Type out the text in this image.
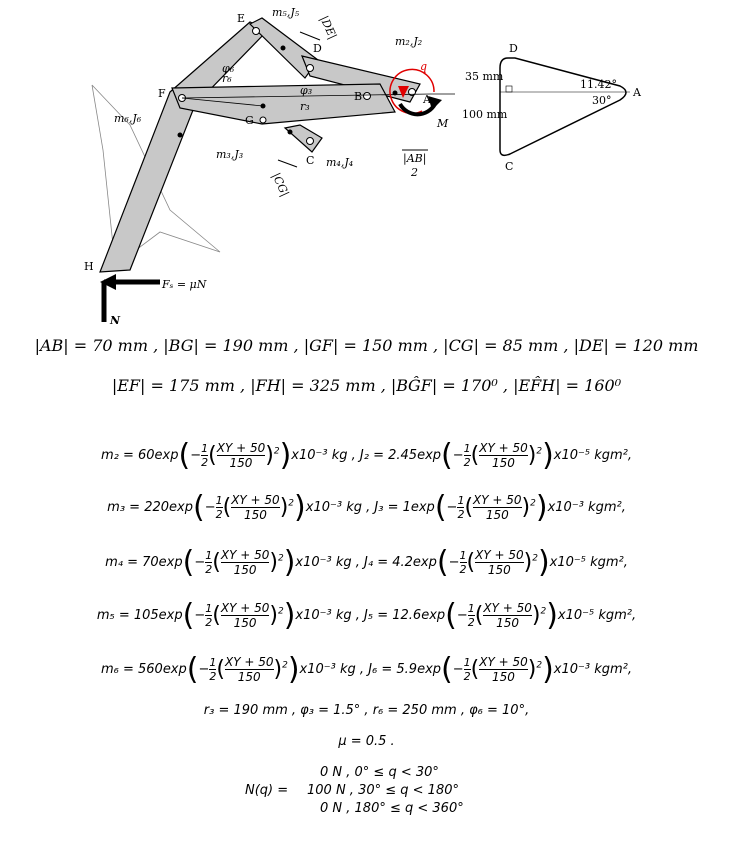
E
D
F	B	A
G
C
H
m₅,J₅
m₂,J₂
m₆,J₆
m₃,J₃
m₄,J₄
q
M
φ₃
r₃
φ₆
r₆
|DE|
|CG|
|AB|
2
Fₛ = μN
N
D
A
C
35 mm
100 mm
11.42°
30°
|AB| = 70 mm , |BG| = 190 mm , |GF| = 150 mm , |CG| = 85 mm , |DE| = 120 mm
|EF| = 175 mm , |FH| = 325 mm , |BĜF| = 170⁰ , |EF̂H| = 160⁰
$m_2 = 60\exp(- \frac{1}{2}$ ( $\frac{XY + 50}{150} )^2)x10^{-3}$ kg , $J_2 = 2.45\exp(- \frac{1}{2}$ ( $\frac{XY + 50}{150} )^2)x10^{-5}$ kgm²,
$m_3 = 220\exp(- \frac{1}{2}$ ( $\frac{XY + 50}{150} )^2)x10^{-3}$ kg , $J_3 = 1\exp(- \frac{1}{2}$ ( $\frac{XY + 50}{150} )^2)x10^{-3}$ kgm²,
$m_4 = 70\exp(- \frac{1}{2}$ ( $\frac{XY + 50}{150} )^2)x10^{-3}$ kg , $J_4 = 4.2\exp(- \frac{1}{2}$ ( $\frac{XY + 50}{150} )^2)x10^{-5}$ kgm²,
$m_5 = 105\exp(- \frac{1}{2}$ ( $\frac{XY + 50}{150} )^2)x10^{-3}$ kg , $J_5 = 12.6\exp(- \frac{1}{2}$ ( $\frac{XY + 50}{150} )^2)x10^{-5}$ kgm²,
$m_6 = 560\exp(- \frac{1}{2}$ ( $\frac{XY + 50}{150} )^2)x10^{-3}$ kg , $J_6 = 5.9\exp(- \frac{1}{2}$ ( $\frac{XY + 50}{150} )^2)x10^{-3}$ kgm²,
r₃ = 190 mm , φ₃ = 1.5° , r₆ = 250 mm , φ₆ = 10°,
μ = 0.5 .
N(q) =
0 N , 0° ≤ q < 30°
100 N , 30° ≤ q < 180°
0 N , 180° ≤ q < 360°
